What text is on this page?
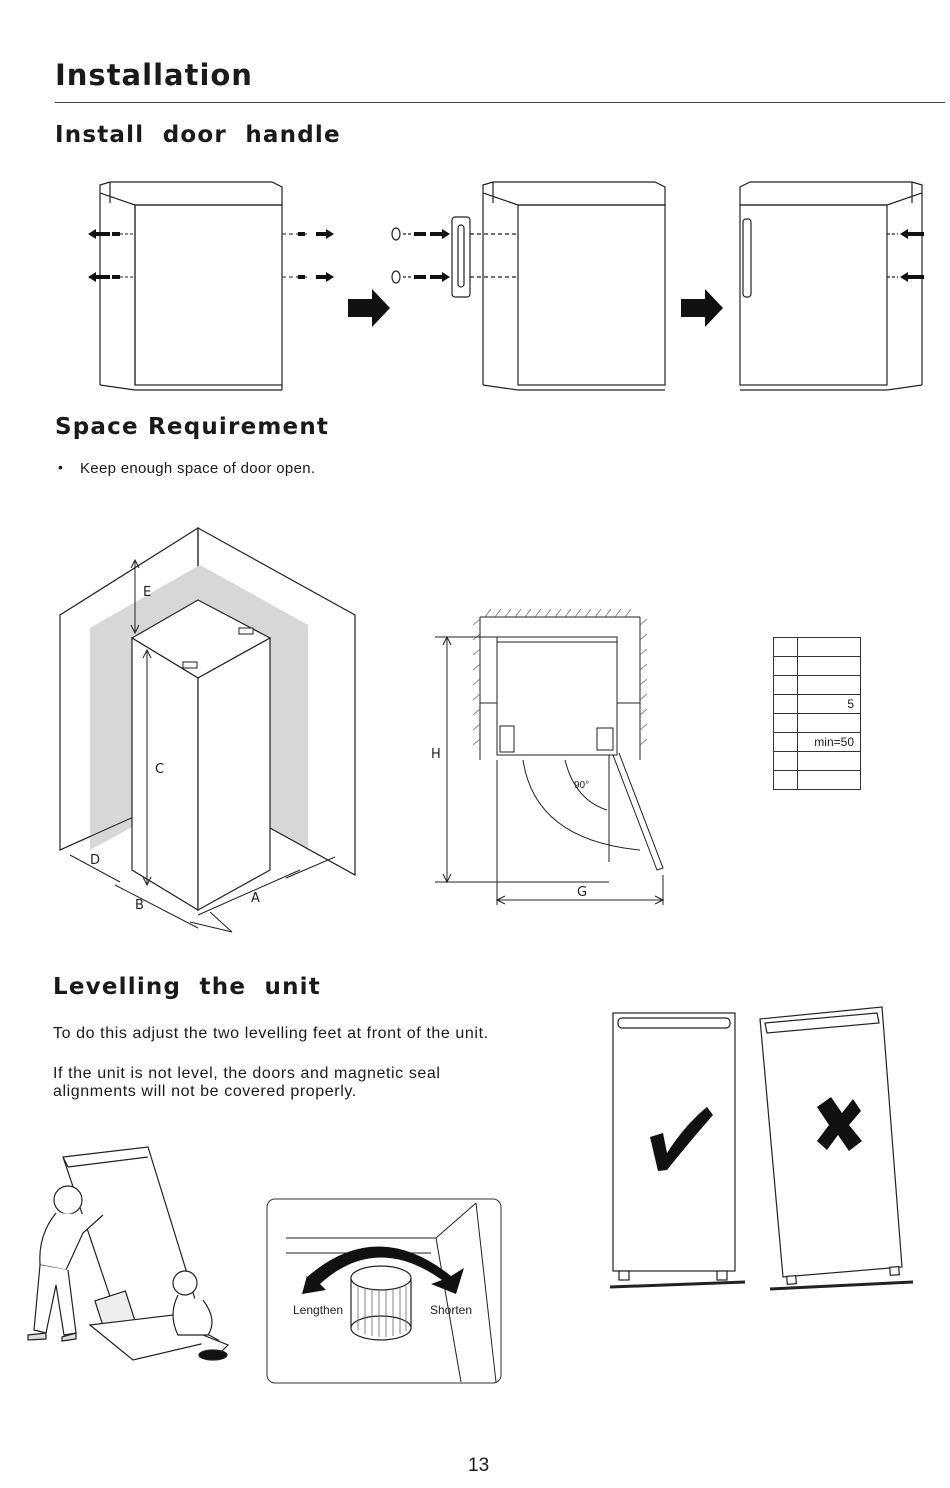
Installation
Install  door  handle
Space Requirement
• Keep enough space of door open.
E
C
D
B	A
H
G
90°

	5

	min=50

Levelling  the  unit
To do this adjust the two levelling feet at front of the unit.
If the unit is not level, the doors and magnetic seal
alignments will not be covered properly.
Lengthen	Shorten
13
